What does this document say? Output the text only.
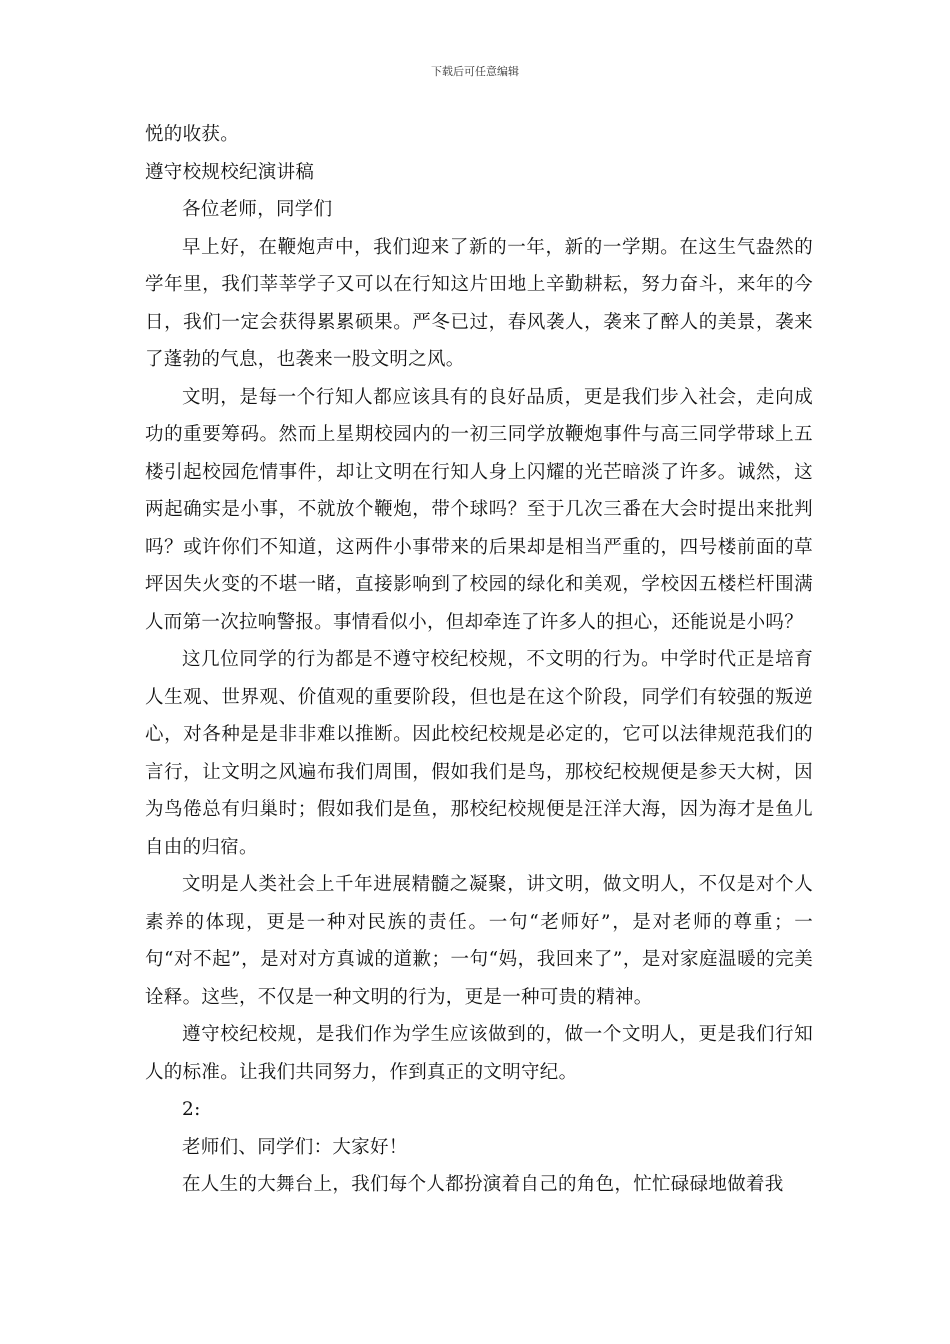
下载后可任意编辑

悦的收获。

遵守校规校纪演讲稿

各位老师，同学们

早上好，在鞭炮声中，我们迎来了新的一年，新的一学期。在这生气盎然的学年里，我们莘莘学子又可以在行知这片田地上辛勤耕耘，努力奋斗，来年的今日，我们一定会获得累累硕果。严冬已过，春风袭人，袭来了醉人的美景，袭来了蓬勃的气息，也袭来一股文明之风。

文明，是每一个行知人都应该具有的良好品质，更是我们步入社会，走向成功的重要筹码。然而上星期校园内的一初三同学放鞭炮事件与高三同学带球上五楼引起校园危情事件，却让文明在行知人身上闪耀的光芒暗淡了许多。诚然，这两起确实是小事，不就放个鞭炮，带个球吗？至于几次三番在大会时提出来批判吗？或许你们不知道，这两件小事带来的后果却是相当严重的，四号楼前面的草坪因失火变的不堪一睹，直接影响到了校园的绿化和美观，学校因五楼栏杆围满人而第一次拉响警报。事情看似小，但却牵连了许多人的担心，还能说是小吗？

这几位同学的行为都是不遵守校纪校规，不文明的行为。中学时代正是培育人生观、世界观、价值观的重要阶段，但也是在这个阶段，同学们有较强的叛逆心，对各种是是非非难以推断。因此校纪校规是必定的，它可以法律规范我们的言行，让文明之风遍布我们周围，假如我们是鸟，那校纪校规便是参天大树，因为鸟倦总有归巢时；假如我们是鱼，那校纪校规便是汪洋大海，因为海才是鱼儿自由的归宿。

文明是人类社会上千年进展精髓之凝聚，讲文明，做文明人，不仅是对个人素养的体现，更是一种对民族的责任。一句“老师好”，是对老师的尊重；一句“对不起”，是对对方真诚的道歉；一句“妈，我回来了”，是对家庭温暖的完美诠释。这些，不仅是一种文明的行为，更是一种可贵的精神。

遵守校纪校规，是我们作为学生应该做到的，做一个文明人，更是我们行知人的标准。让我们共同努力，作到真正的文明守纪。

2:

老师们、同学们：大家好！

在人生的大舞台上，我们每个人都扮演着自己的角色，忙忙碌碌地做着我
